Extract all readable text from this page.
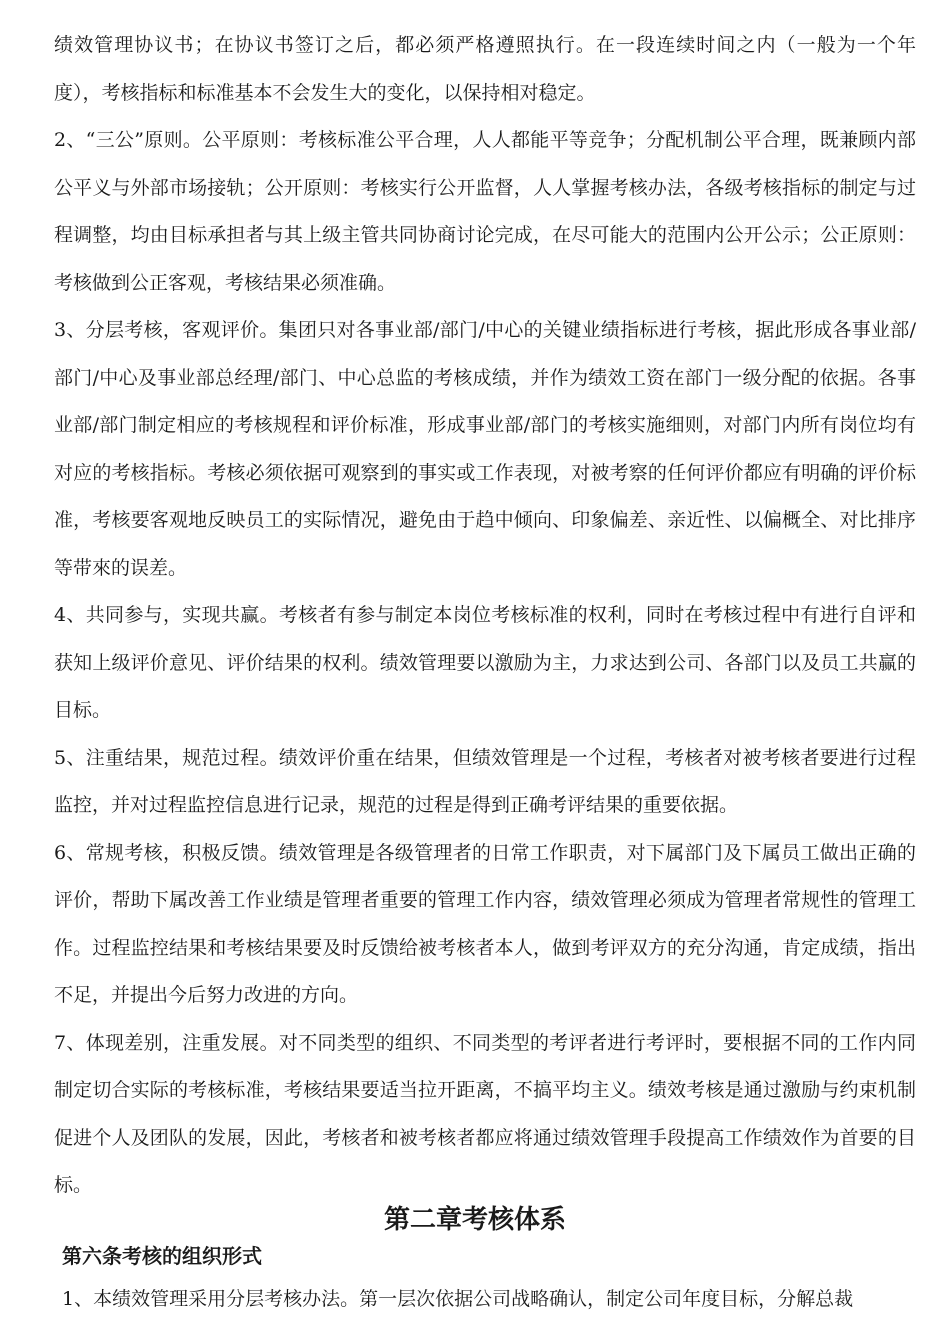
绩效管理协议书；在协议书签订之后，都必须严格遵照执行。在一段连续时间之内（一般为一个年度），考核指标和标准基本不会发生大的变化，以保持相对稳定。

2、“三公”原则。公平原则：考核标准公平合理，人人都能平等竞争；分配机制公平合理，既兼顾内部公平义与外部市场接轨；公开原则：考核实行公开监督，人人掌握考核办法，各级考核指标的制定与过程调整，均由目标承担者与其上级主管共同协商讨论完成，在尽可能大的范围内公开公示；公正原则：考核做到公正客观，考核结果必须准确。

3、分层考核，客观评价。集团只对各事业部/部门/中心的关键业绩指标进行考核，据此形成各事业部/部门/中心及事业部总经理/部门、中心总监的考核成绩，并作为绩效工资在部门一级分配的依据。各事业部/部门制定相应的考核规程和评价标准，形成事业部/部门的考核实施细则，对部门内所有岗位均有对应的考核指标。考核必须依据可观察到的事实或工作表现，对被考察的任何评价都应有明确的评价标准，考核要客观地反映员工的实际情况，避免由于趋中倾向、印象偏差、亲近性、以偏概全、对比排序等带來的误差。

4、共同参与，实现共赢。考核者有参与制定本岗位考核标准的权利，同时在考核过程中有进行自评和获知上级评价意见、评价结果的权利。绩效管理要以激励为主，力求达到公司、各部门以及员工共赢的目标。

5、注重结果，规范过程。绩效评价重在结果，但绩效管理是一个过程，考核者对被考核者要进行过程监控，并对过程监控信息进行记录，规范的过程是得到正确考评结果的重要依据。

6、常规考核，积极反馈。绩效管理是各级管理者的日常工作职责，对下属部门及下属员工做出正确的评价，帮助下属改善工作业绩是管理者重要的管理工作内容，绩效管理必须成为管理者常规性的管理工作。过程监控结果和考核结果要及时反馈给被考核者本人，做到考评双方的充分沟通，肯定成绩，指出不足，并提出今后努力改进的方向。

7、体现差别，注重发展。对不同类型的组织、不同类型的考评者进行考评时，要根据不同的工作内同制定切合实际的考核标准，考核结果要适当拉开距离，不搞平均主义。绩效考核是通过激励与约束机制促进个人及团队的发展，因此，考核者和被考核者都应将通过绩效管理手段提高工作绩效作为首要的目标。

第二章考核体系
第六条考核的组织形式
1、本绩效管理采用分层考核办法。第一层次依据公司战略确认，制定公司年度目标，分解总裁
